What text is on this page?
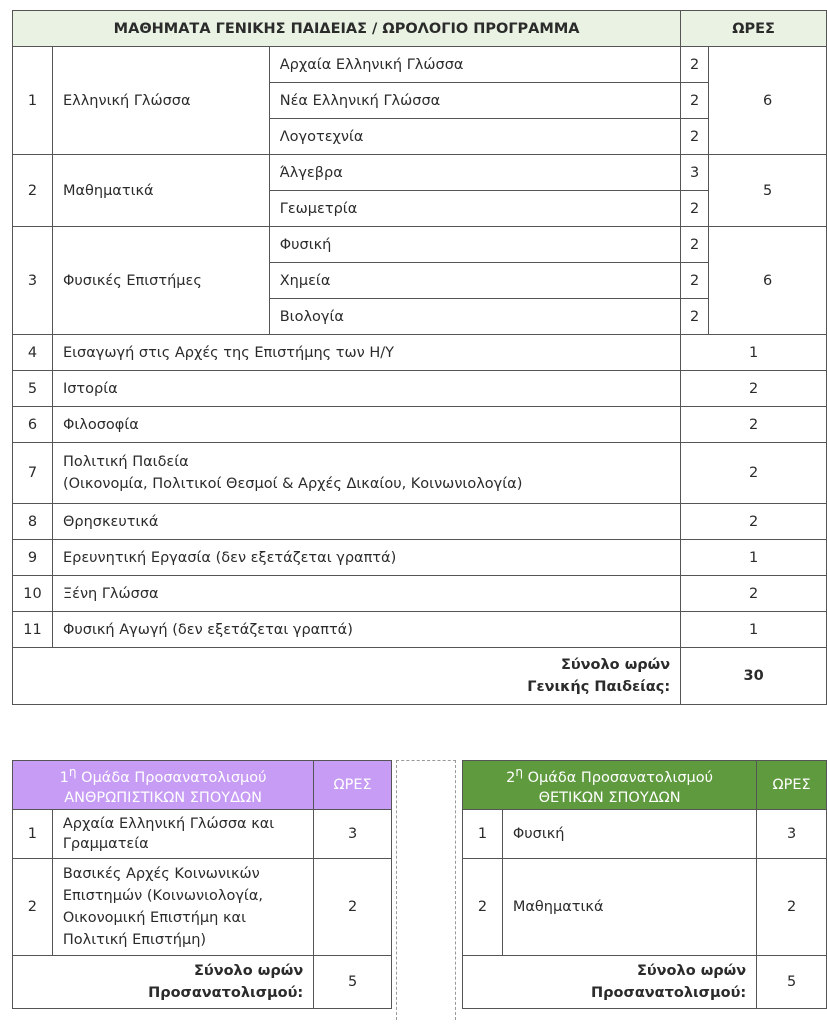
ΜΑΘΗΜΑΤΑ ΓΕΝΙΚΗΣ ΠΑΙΔΕΙΑΣ / ΩΡΟΛΟΓΙΟ ΠΡΟΓΡΑΜΜΑ			ΩΡΕΣ	
1	Ελληνική Γλώσσα	Αρχαία Ελληνική Γλώσσα	2	6
		Νέα Ελληνική Γλώσσα	2	
		Λογοτεχνία	2	
2	Μαθηματικά	Άλγεβρα	3	5
		Γεωμετρία	2	
3	Φυσικές Επιστήμες	Φυσική	2	6
		Χημεία	2	
		Βιολογία	2	
4	Εισαγωγή στις Αρχές της Επιστήμης των Η/Υ		1	
5	Ιστορία		2	
6	Φιλοσοφία		2	
7	Πολιτική Παιδεία
(Οικονομία, Πολιτικοί Θεσμοί & Αρχές Δικαίου, Κοινωνιολογία)		2	
8	Θρησκευτικά		2	
9	Ερευνητική Εργασία (δεν εξετάζεται γραπτά)		1	
10	Ξένη Γλώσσα		2	
11	Φυσική Αγωγή (δεν εξετάζεται γραπτά)		1	
Σύνολο ωρών
Γενικής Παιδείας:			30	
$1^\eta$ Ομάδα Προσανατολισμού
ΑΝΘΡΩΠΙΣΤΙΚΩΝ ΣΠΟΥΔΩΝ		ΩΡΕΣ
1	Αρχαία Ελληνική Γλώσσα και Γραμματεία	3
2	Βασικές Αρχές Κοινωνικών Επιστημών (Κοινωνιολογία, Οικονομική Επιστήμη και Πολιτική Επιστήμη)	2
Σύνολο ωρών
Προσανατολισμού:		5
$2^\eta$ Ομάδα Προσανατολισμού
ΘΕΤΙΚΩΝ ΣΠΟΥΔΩΝ		ΩΡΕΣ
1	Φυσική	3
2	Μαθηματικά	2
Σύνολο ωρών
Προσανατολισμού:		5
